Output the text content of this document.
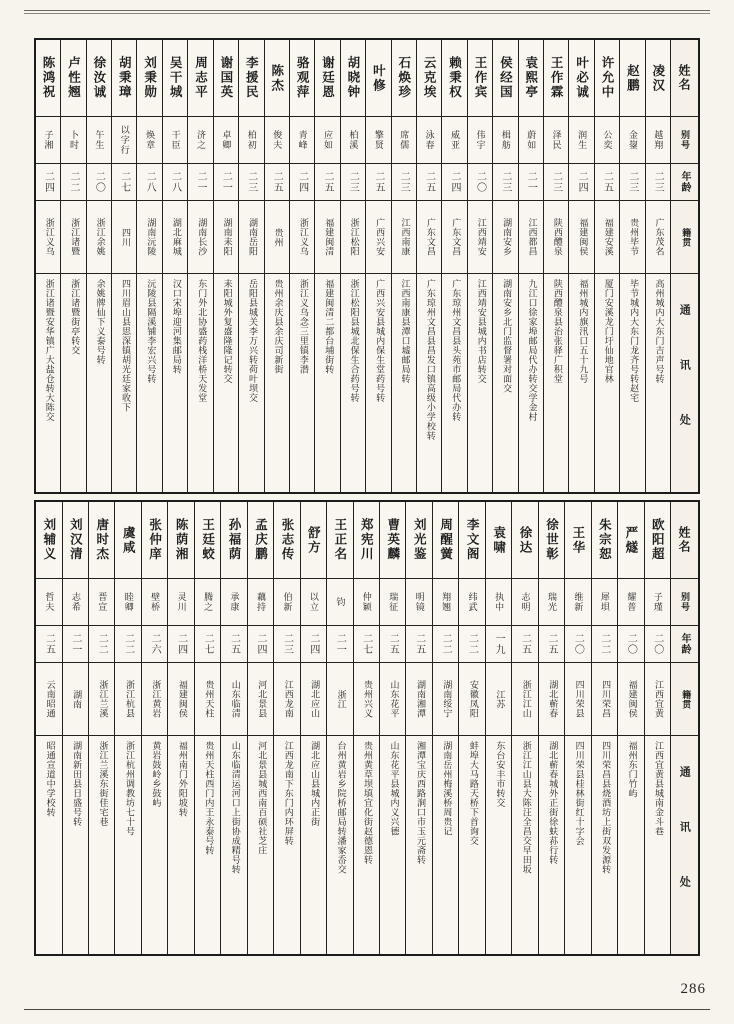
姓名
别号
年龄
籍贯
通讯处
凌汉
越翔
二三
广东茂名
高州城内大东门吉声号转
赵鹏
金鋆
二三
贵州毕节
毕节城内大东门龙齐号转赵宅
许允中
公奕
二五
福建安溪
厦门安溪龙门圩仙地官林
叶必诚
润生
二四
福建闽侯
福州城内旗汛口五十九号
王作霖
泽民
二三
陕西醴泉
陕西醴泉县治张驿广积堂
袁熙亭
蔚如
二一
江西都昌
九江口徐家埠邮局代办转交学金村
侯经国
楫舫
二三
湖南安乡
湖南安乡北门监督署对面交
王作宾
伟宇
二〇
江西靖安
江西靖安县城内书店转交
赖秉权
威亚
二四
广东文昌
广东琼州文昌县头苑市邮局代办转
云克埃
泳春
二五
广东文昌
广东琼州文昌县昌发口镇高级小学校转
石焕珍
席儒
二三
江西南康
江西南康县潭口墟邮局转
叶修
擎贤
二五
广西兴安
广西兴安县城内保生堂药号转
胡晓钟
柏溪
二三
浙江松阳
浙江松阳县城北保生合药号转
谢廷恩
应如
二五
福建闽清
福建闽清二都台埔街转
骆观萍
青峰
二四
浙江义乌
浙江义乌念三里镇李潜
陈杰
俊夫
二五
贵州
贵州余庆县余庆司新街
李援民
柏初
二三
湖南岳阳
岳阳县城关李万兴转荷叶坝交
谢国英
卓卿
二一
湖南耒阳
耒阳城外复盛隆隆记转交
周志平
济之
二一
湖南长沙
东门外北协盛药栈洋桥天发堂
吴干城
干臣
二八
湖北麻城
汉口宋埠迎河集邮局转
刘秉勋
焕章
二八
湖南沅陵
沅陵县隔溪铺李宏兴号转
胡秉璋
以字行
二七
四川
四川眉山县思深镇胡光廷家收下
徐汝诚
午生
二〇
浙江余姚
余姚牌仙下义泰号转
卢性翘
卜时
二二
浙江诸暨
浙江诸暨街亭转交
陈鸿祝
子湘
二四
浙江义乌
浙江诸暨安华镇广大盐仓转大陈交
姓名
别号
年龄
籍贯
通讯处
欧阳超
子瑾
二〇
江西宜黄
江西宜黄县城南金斗巷
严燧
耀普
二〇
福建闽侯
福州东门竹屿
朱宗恕
犀垻
二二
四川荣昌
四川荣昌县烧酒坊上街双发源转
王华
维新
二〇
四川荣县
四川荣县桂林街红十字会
徐世彰
瑞光
二五
湖北蕲春
湖北蕲春城外正街徐蚨荪行转
徐达
志明
二五
浙江江山
浙江江山县大陈汪全昌交早田坂
袁啸
执中
一九
江苏
东台安丰市转交
李文阁
纬武
二二
安徽凤阳
蚌埠大马路天桥下首询交
周醒黉
翔翘
二二
湖南绥宁
湖南岳州梅溪桥周贵记
刘光鉴
明镜
二五
湖南湘潭
湘潭宝庆西路涧口市玉元斋转
曹英麟
瑞征
二五
山东花平
山东花平县城内义兴德
郑宪川
仲颖
二七
贵州兴义
贵州黄草坝填宜化街赵德恩转
王正名
钧
二一
浙江
台州黄岩乡院桥邮局转潘家岙交
舒方
以立
二四
湖北应山
湖北应山县城内正街
张志传
伯新
二三
江西龙南
江西龙南下东门内环屏转
孟庆鹏
藕持
二四
河北景县
河北景县城西南百硕社芝庄
孙福荫
承康
二五
山东临清
山东临清运河口上街协成精号转
王廷蛟
腾之
二七
贵州天柱
贵州天柱西门内王永泰号转
陈荫湘
灵川
二四
福建闽侯
福州南门外阳坡转
张仲庠
壁桥
二六
浙江黄岩
黄岩鼓岭乡鼓屿
虞咸
睦卿
二二
浙江杭县
浙江杭州调教坊七十号
唐时杰
晋宣
二二
浙江兰溪
浙江兰溪东街佳宅巷
刘汉清
志希
二一
湖南
湖南新田县日盛号转
刘辅义
哲夫
二五
云南昭通
昭通宣道中学校转
286
